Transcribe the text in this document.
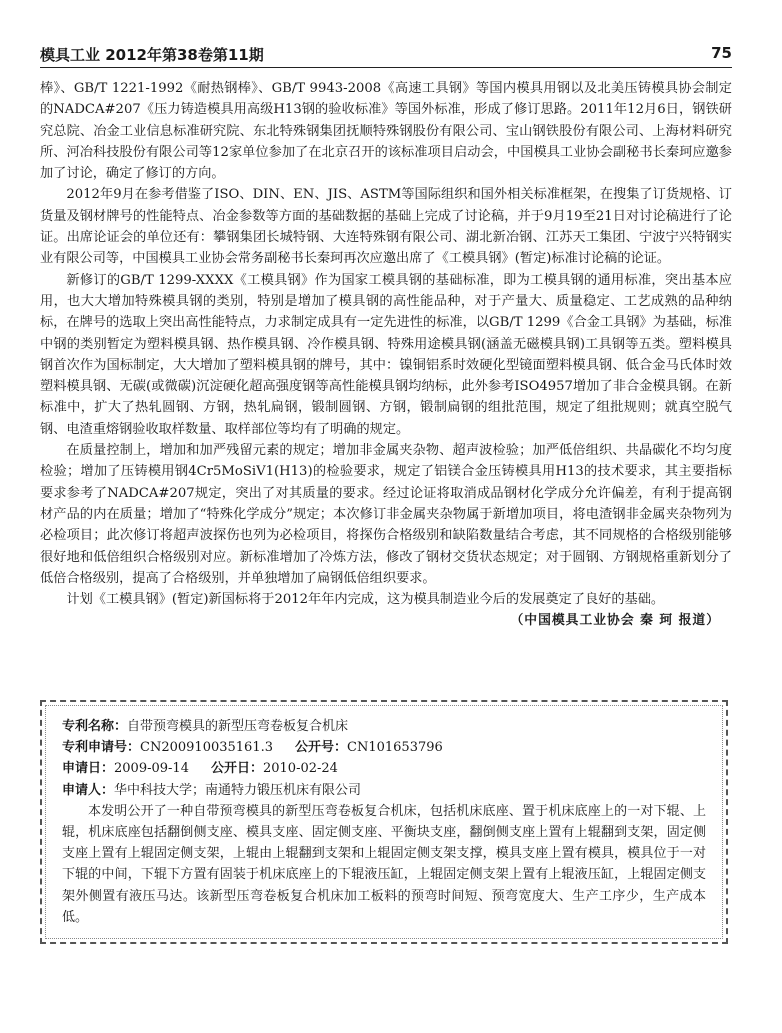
模具工业 2012年第38卷第11期	75

棒》、GB/T 1221-1992《耐热钢棒》、GB/T 9943-2008《高速工具钢》等国内模具用钢以及北美压铸模具协会制定的NADCA#207《压力铸造模具用高级H13钢的验收标准》等国外标准，形成了修订思路。2011年12月6日，钢铁研究总院、冶金工业信息标准研究院、东北特殊钢集团抚顺特殊钢股份有限公司、宝山钢铁股份有限公司、上海材料研究所、河冶科技股份有限公司等12家单位参加了在北京召开的该标准项目启动会，中国模具工业协会副秘书长秦珂应邀参加了讨论，确定了修订的方向。

2012年9月在参考借鉴了ISO、DIN、EN、JIS、ASTM等国际组织和国外相关标准框架，在搜集了订货规格、订货量及钢材牌号的性能特点、冶金参数等方面的基础数据的基础上完成了讨论稿，并于9月19至21日对讨论稿进行了论证。出席论证会的单位还有：攀钢集团长城特钢、大连特殊钢有限公司、湖北新冶钢、江苏天工集团、宁波宁兴特钢实业有限公司等，中国模具工业协会常务副秘书长秦珂再次应邀出席了《工模具钢》(暂定)标准讨论稿的论证。

新修订的GB/T 1299-XXXX《工模具钢》作为国家工模具钢的基础标准，即为工模具钢的通用标准，突出基本应用，也大大增加特殊模具钢的类别，特别是增加了模具钢的高性能品种，对于产量大、质量稳定、工艺成熟的品种纳标，在牌号的选取上突出高性能特点，力求制定成具有一定先进性的标准，以GB/T 1299《合金工具钢》为基础，标准中钢的类别暂定为塑料模具钢、热作模具钢、冷作模具钢、特殊用途模具钢(涵盖无磁模具钢)工具钢等五类。塑料模具钢首次作为国标制定，大大增加了塑料模具钢的牌号，其中：镍铜铝系时效硬化型镜面塑料模具钢、低合金马氏体时效塑料模具钢、无碳(或微碳)沉淀硬化超高强度钢等高性能模具钢均纳标，此外参考ISO4957增加了非合金模具钢。在新标准中，扩大了热轧圆钢、方钢，热轧扁钢，锻制圆钢、方钢，锻制扁钢的组批范围，规定了组批规则；就真空脱气钢、电渣重熔钢验收取样数量、取样部位等均有了明确的规定。

在质量控制上，增加和加严残留元素的规定；增加非金属夹杂物、超声波检验；加严低倍组织、共晶碳化不均匀度检验；增加了压铸模用钢4Cr5MoSiV1(H13)的检验要求，规定了铝镁合金压铸模具用H13的技术要求，其主要指标要求参考了NADCA#207规定，突出了对其质量的要求。经过论证将取消成品钢材化学成分允许偏差，有利于提高钢材产品的内在质量；增加了“特殊化学成分”规定；本次修订非金属夹杂物属于新增加项目，将电渣钢非金属夹杂物列为必检项目；此次修订将超声波探伤也列为必检项目，将探伤合格级别和缺陷数量结合考虑，其不同规格的合格级别能够很好地和低倍组织合格级别对应。新标准增加了冷炼方法，修改了钢材交货状态规定；对于圆钢、方钢规格重新划分了低倍合格级别，提高了合格级别，并单独增加了扁钢低倍组织要求。

计划《工模具钢》(暂定)新国标将于2012年年内完成，这为模具制造业今后的发展奠定了良好的基础。

（中国模具工业协会 秦 珂 报道）
专利名称：自带预弯模具的新型压弯卷板复合机床
专利申请号：CN200910035161.3 公开号：CN101653796
申请日：2009-09-14 公开日：2010-02-24
申请人：华中科技大学；南通特力锻压机床有限公司

本发明公开了一种自带预弯模具的新型压弯卷板复合机床，包括机床底座、置于机床底座上的一对下辊、上辊，机床底座包括翻倒侧支座、模具支座、固定侧支座、平衡块支座，翻倒侧支座上置有上辊翻到支架，固定侧支座上置有上辊固定侧支架，上辊由上辊翻到支架和上辊固定侧支架支撑，模具支座上置有模具，模具位于一对下辊的中间，下辊下方置有固装于机床底座上的下辊液压缸，上辊固定侧支架上置有上辊液压缸，上辊固定侧支架外侧置有液压马达。该新型压弯卷板复合机床加工板料的预弯时间短、预弯宽度大、生产工序少，生产成本低。
